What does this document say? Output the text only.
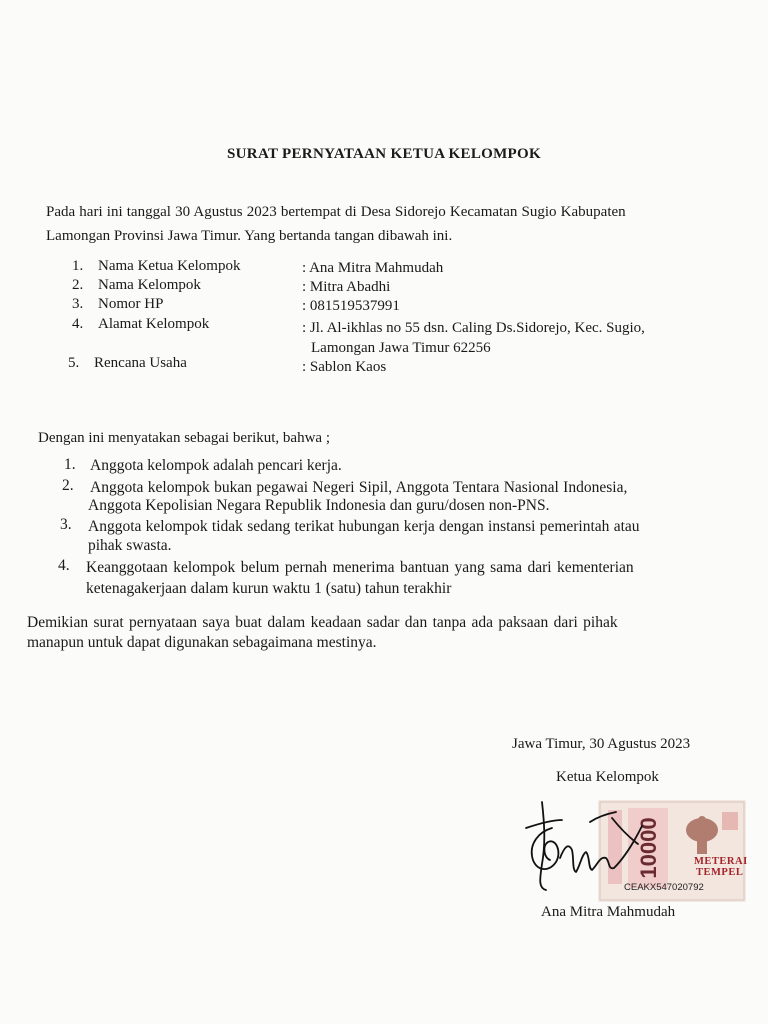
SURAT PERNYATAAN KETUA KELOMPOK
Pada hari ini tanggal 30 Agustus 2023 bertempat di Desa Sidorejo Kecamatan Sugio Kabupaten
Lamongan Provinsi Jawa Timur. Yang bertanda tangan dibawah ini.
1. Nama Ketua Kelompok	: Ana Mitra Mahmudah
2. Nama Kelompok	: Mitra Abadhi
3. Nomor HP	: 081519537991
4. Alamat Kelompok	: Jl. Al-ikhlas no 55 dsn. Caling Ds.Sidorejo, Kec. Sugio,
Lamongan Jawa Timur 62256
5. Rencana Usaha	: Sablon Kaos
Dengan ini menyatakan sebagai berikut, bahwa ;
1. Anggota kelompok adalah pencari kerja.
2. Anggota kelompok bukan pegawai Negeri Sipil, Anggota Tentara Nasional Indonesia,
Anggota Kepolisian Negara Republik Indonesia dan guru/dosen non-PNS.
3. Anggota kelompok tidak sedang terikat hubungan kerja dengan instansi pemerintah atau
pihak swasta.
4. Keanggotaan kelompok belum pernah menerima bantuan yang sama dari kementerian
ketenagakerjaan dalam kurun waktu 1 (satu) tahun terakhir
Demikian surat pernyataan saya buat dalam keadaan sadar dan tanpa ada paksaan dari pihak
manapun untuk dapat digunakan sebagaimana mestinya.
Jawa Timur, 30 Agustus 2023
Ketua Kelompok
10000	METERAI
TEMPEL
CEAKX547020792
Ana Mitra Mahmudah
